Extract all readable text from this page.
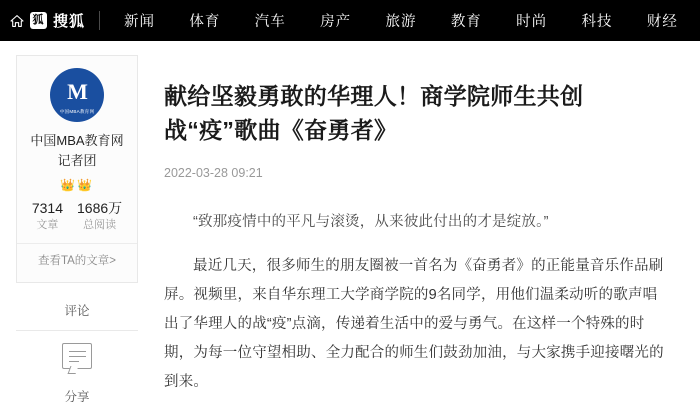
狐 搜狐	新闻 体育 汽车 房产 旅游 教育 时尚 科技 财经
M
中国MBA教育网
中国MBA教育网记者团
👑👑
7314
文章
1686万
总阅读
查看TA的文章>
评论
分享
献给坚毅勇敢的华理人！商学院师生共创战“疫”歌曲《奋勇者》
2022-03-28 09:21

“致那疫情中的平凡与滚烫，从来彼此付出的才是绽放。”

最近几天，很多师生的朋友圈被一首名为《奋勇者》的正能量音乐作品刷屏。视频里，来自华东理工大学商学院的9名同学，用他们温柔动听的歌声唱出了华理人的战“疫”点滴，传递着生活中的爱与勇气。在这样一个特殊的时期，为每一位守望相助、全力配合的师生们鼓劲加油，与大家携手迎接曙光的到来。
